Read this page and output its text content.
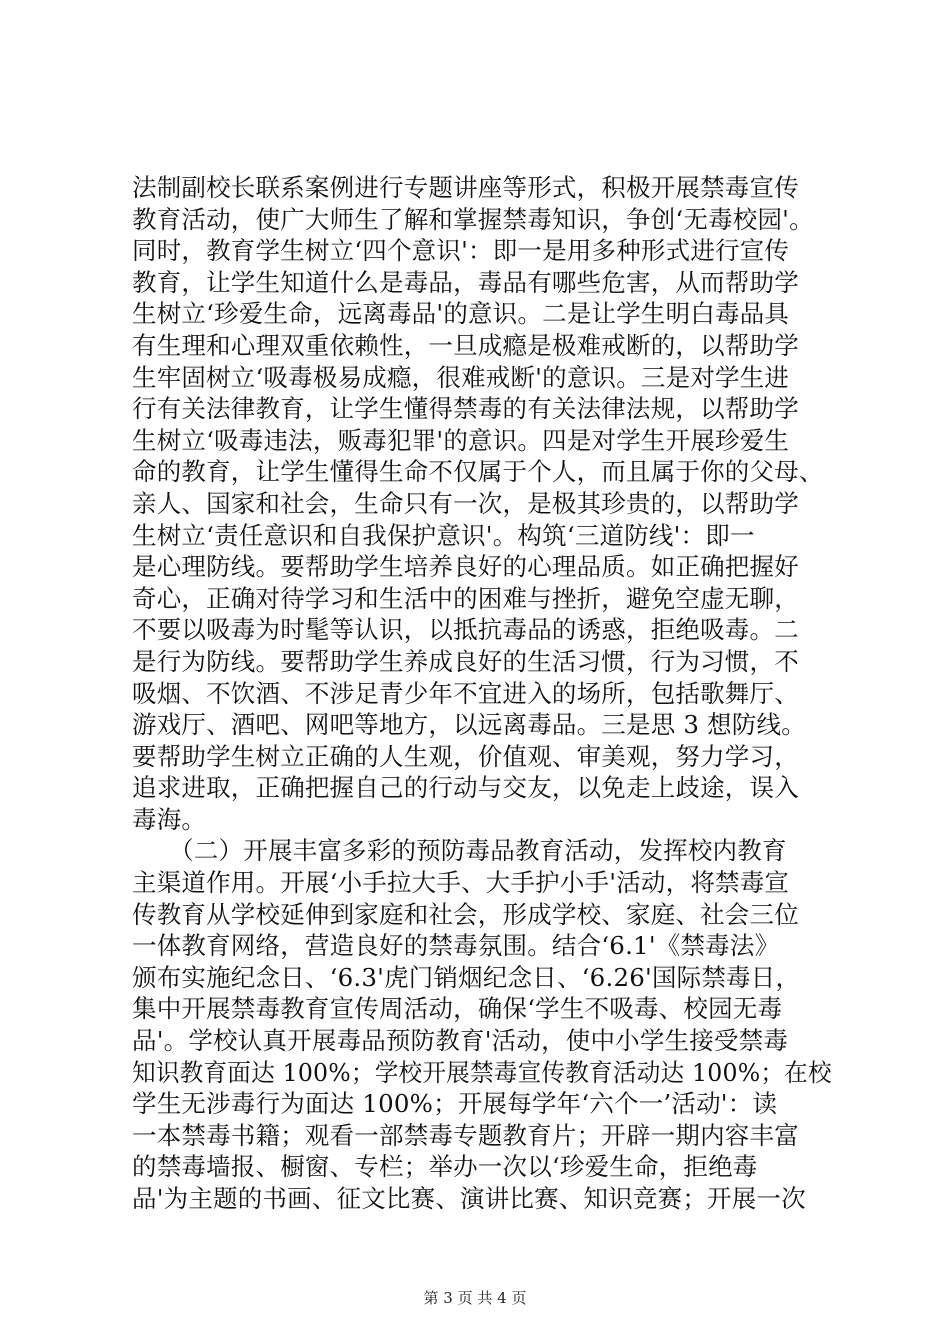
法制副校长联系案例进行专题讲座等形式，积极开展禁毒宣传
教育活动，使广大师生了解和掌握禁毒知识，争创‘无毒校园'。
同时，教育学生树立‘四个意识'：即一是用多种形式进行宣传
教育，让学生知道什么是毒品，毒品有哪些危害，从而帮助学
生树立‘珍爱生命，远离毒品'的意识。二是让学生明白毒品具
有生理和心理双重依赖性，一旦成瘾是极难戒断的，以帮助学
生牢固树立‘吸毒极易成瘾，很难戒断'的意识。三是对学生进
行有关法律教育，让学生懂得禁毒的有关法律法规，以帮助学
生树立‘吸毒违法，贩毒犯罪'的意识。四是对学生开展珍爱生
命的教育，让学生懂得生命不仅属于个人，而且属于你的父母、
亲人、国家和社会，生命只有一次，是极其珍贵的，以帮助学
生树立‘责任意识和自我保护意识'。构筑‘三道防线'：即一
是心理防线。要帮助学生培养良好的心理品质。如正确把握好
奇心，正确对待学习和生活中的困难与挫折，避免空虚无聊，
不要以吸毒为时髦等认识，以抵抗毒品的诱惑，拒绝吸毒。二
是行为防线。要帮助学生养成良好的生活习惯，行为习惯，不
吸烟、不饮酒、不涉足青少年不宜进入的场所，包括歌舞厅、
游戏厅、酒吧、网吧等地方，以远离毒品。三是思 3 想防线。
要帮助学生树立正确的人生观，价值观、审美观，努力学习，
追求进取，正确把握自己的行动与交友，以免走上歧途，误入
毒海。
　　（二）开展丰富多彩的预防毒品教育活动，发挥校内教育
主渠道作用。开展‘小手拉大手、大手护小手'活动，将禁毒宣
传教育从学校延伸到家庭和社会，形成学校、家庭、社会三位
一体教育网络，营造良好的禁毒氛围。结合‘6.1'《禁毒法》
颁布实施纪念日、‘6.3'虎门销烟纪念日、‘6.26'国际禁毒日，
集中开展禁毒教育宣传周活动，确保‘学生不吸毒、校园无毒
品'。学校认真开展毒品预防教育'活动，使中小学生接受禁毒
知识教育面达 100%；学校开展禁毒宣传教育活动达 100%；在校
学生无涉毒行为面达 100%；开展每学年‘六个一’活动'：读
一本禁毒书籍；观看一部禁毒专题教育片；开辟一期内容丰富
的禁毒墙报、橱窗、专栏；举办一次以‘珍爱生命，拒绝毒
品'为主题的书画、征文比赛、演讲比赛、知识竞赛；开展一次
第 3 页 共 4 页
